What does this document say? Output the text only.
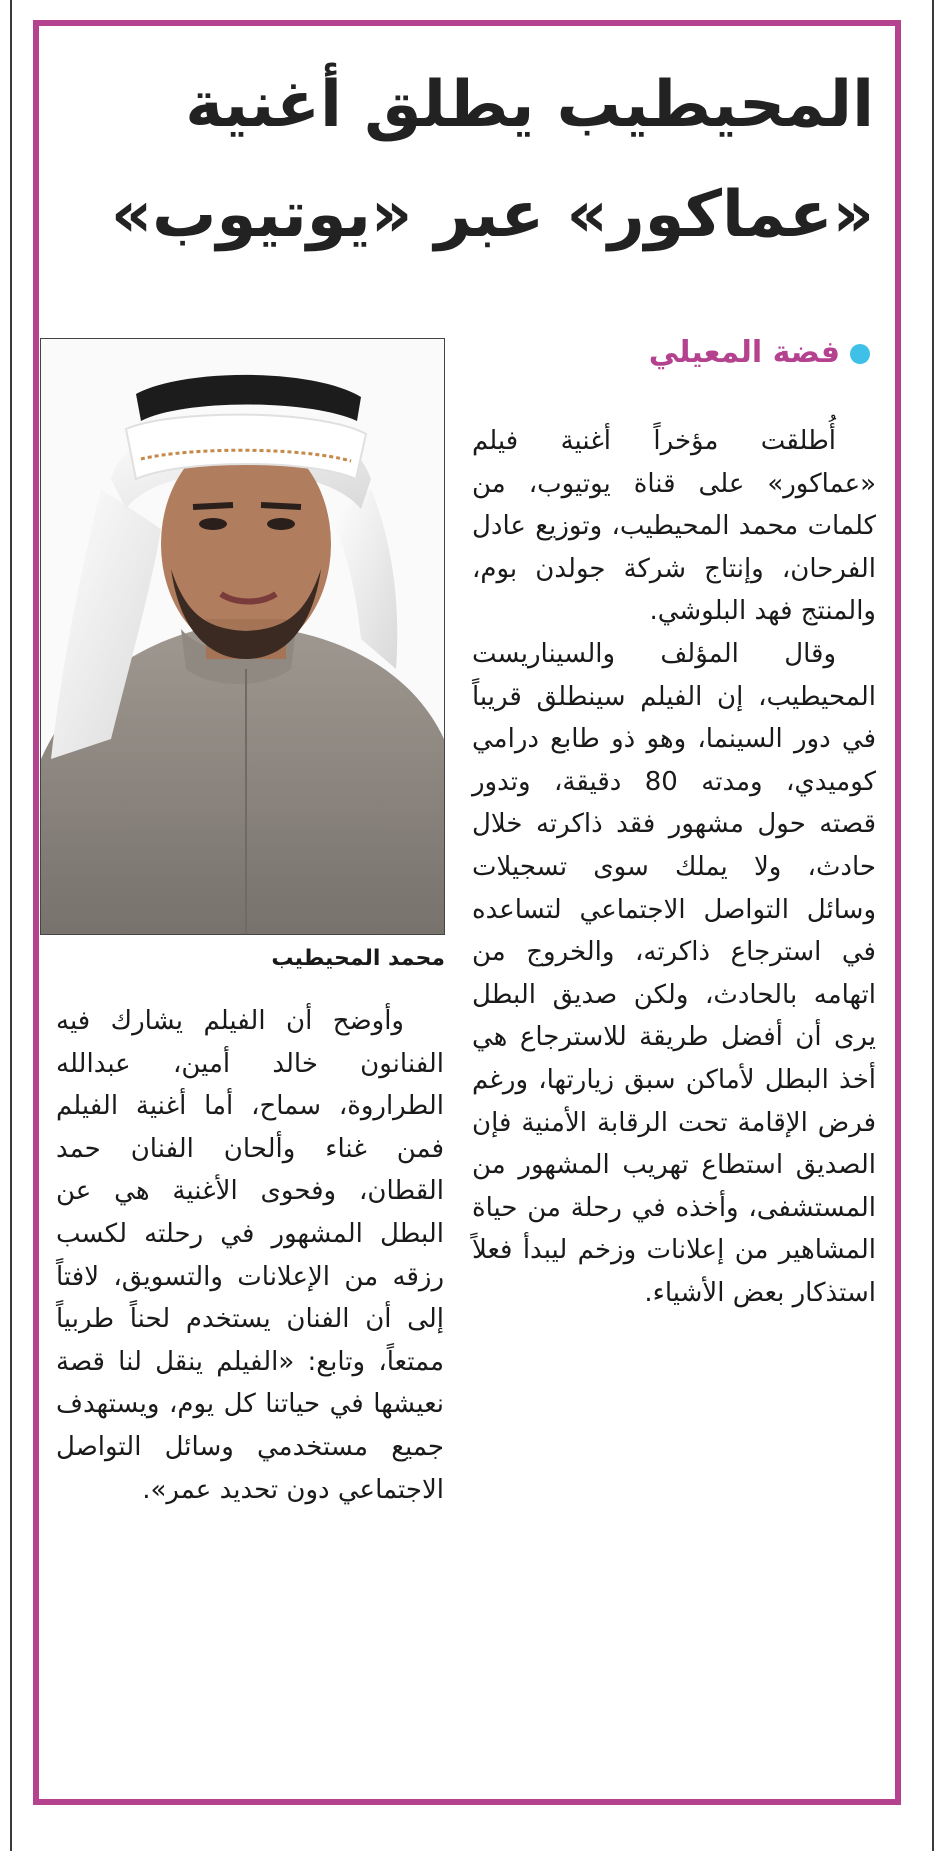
المحيطيب يطلق أغنية
«عماكور» عبر «يوتيوب»
فضة المعيلي
محمد المحيطيب

أُطلقت مؤخراً أغنية فيلم «عماكور» على قناة يوتيوب، من كلمات محمد المحيطيب، وتوزيع عادل الفرحان، وإنتاج شركة جولدن بوم، والمنتج فهد البلوشي.

وقال المؤلف والسيناريست المحيطيب، إن الفيلم سينطلق قريباً في دور السينما، وهو ذو طابع درامي كوميدي، ومدته 80 دقيقة، وتدور قصته حول مشهور فقد ذاكرته خلال حادث، ولا يملك سوى تسجيلات وسائل التواصل الاجتماعي لتساعده في استرجاع ذاكرته، والخروج من اتهامه بالحادث، ولكن صديق البطل يرى أن أفضل طريقة للاسترجاع هي أخذ البطل لأماكن سبق زيارتها، ورغم فرض الإقامة تحت الرقابة الأمنية فإن الصديق استطاع تهريب المشهور من المستشفى، وأخذه في رحلة من حياة المشاهير من إعلانات وزخم ليبدأ فعلاً استذكار بعض الأشياء.

وأوضح أن الفيلم يشارك فيه الفنانون خالد أمين، عبدالله الطراروة، سماح، أما أغنية الفيلم فمن غناء وألحان الفنان حمد القطان، وفحوى الأغنية هي عن البطل المشهور في رحلته لكسب رزقه من الإعلانات والتسويق، لافتاً إلى أن الفنان يستخدم لحناً طربياً ممتعاً، وتابع: «الفيلم ينقل لنا قصة نعيشها في حياتنا كل يوم، ويستهدف جميع مستخدمي وسائل التواصل الاجتماعي دون تحديد عمر».
